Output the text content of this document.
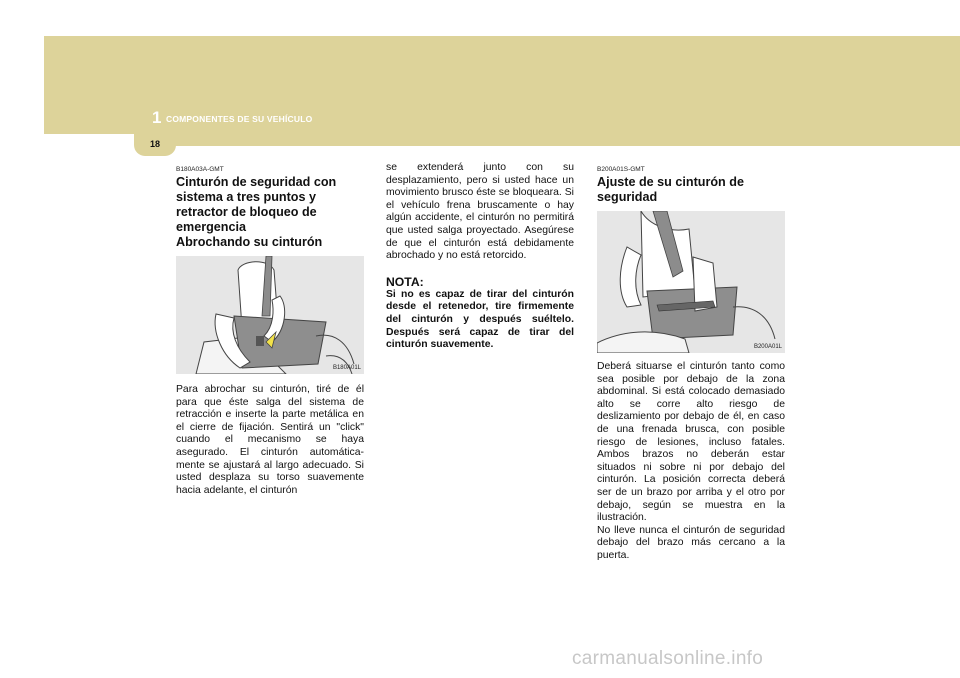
1 COMPONENTES DE SU VEHÍCULO
18
B180A03A-GMT
Cinturón de seguridad con sistema a tres puntos y retractor de bloqueo de emergencia
Abrochando su cinturón
B180A01L
Para abrochar su cinturón, tiré de él para que éste salga del sistema de retracción e inserte la parte metálica en el cierre de fijación. Sentirá un "click" cuando el mecanismo se haya asegurado. El cinturón automática- mente se ajustará al largo adecuado. Si usted desplaza su torso suavemente hacia adelante, el cinturón
se extenderá junto con su desplazamiento, pero si usted hace un movimiento brusco éste se bloqueara. Si el vehículo frena bruscamente o hay algún accidente, el cinturón no permitirá que usted salga proyectado. Asegúrese de que el cinturón está debidamente abrochado y no está retorcido.
NOTA:
Si no es capaz de tirar del cinturón desde el retenedor, tire firmemente del cinturón y después suéltelo. Después será capaz de tirar del cinturón suavemente.
B200A01S-GMT
Ajuste de su cinturón de seguridad
B200A01L
Deberá situarse el cinturón tanto como sea posible por debajo de la zona abdominal. Si está colocado demasiado alto se corre alto riesgo de deslizamiento por debajo de él, en caso de una frenada brusca, con posible riesgo de lesiones, incluso fatales. Ambos brazos no deberán estar situados ni sobre ni por debajo del cinturón. La posición correcta deberá ser de un brazo por arriba y el otro por debajo, según se muestra en la ilustración.
No lleve nunca el cinturón de seguridad debajo del brazo más cercano a la puerta.
carmanualsonline.info
